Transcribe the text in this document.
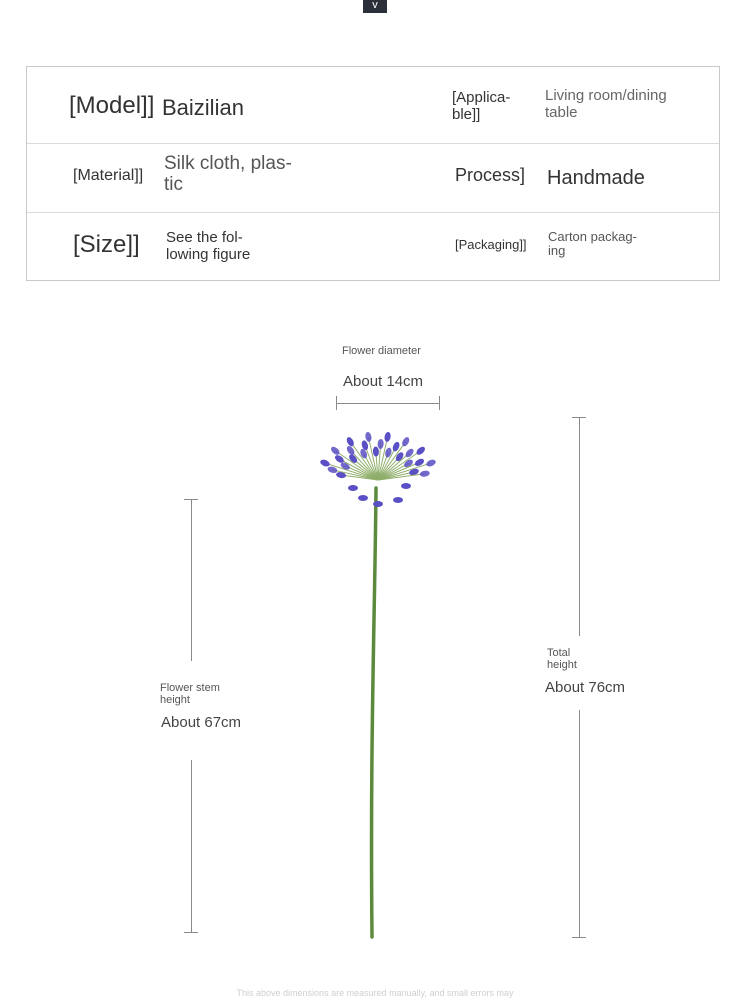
v
[Model]] Baizilian	[Applica-
ble]]
Living room/dining
table
[Material]]
Silk cloth, plas-
tic	Process] Handmade
[Size]] See the fol-
lowing figure
[Packaging]]
Carton packag-
ing
Flower diameter
About 14cm
Flower stem
height
About 67cm
Total
height
About 76cm
This above dimensions are measured manually, and small errors may
